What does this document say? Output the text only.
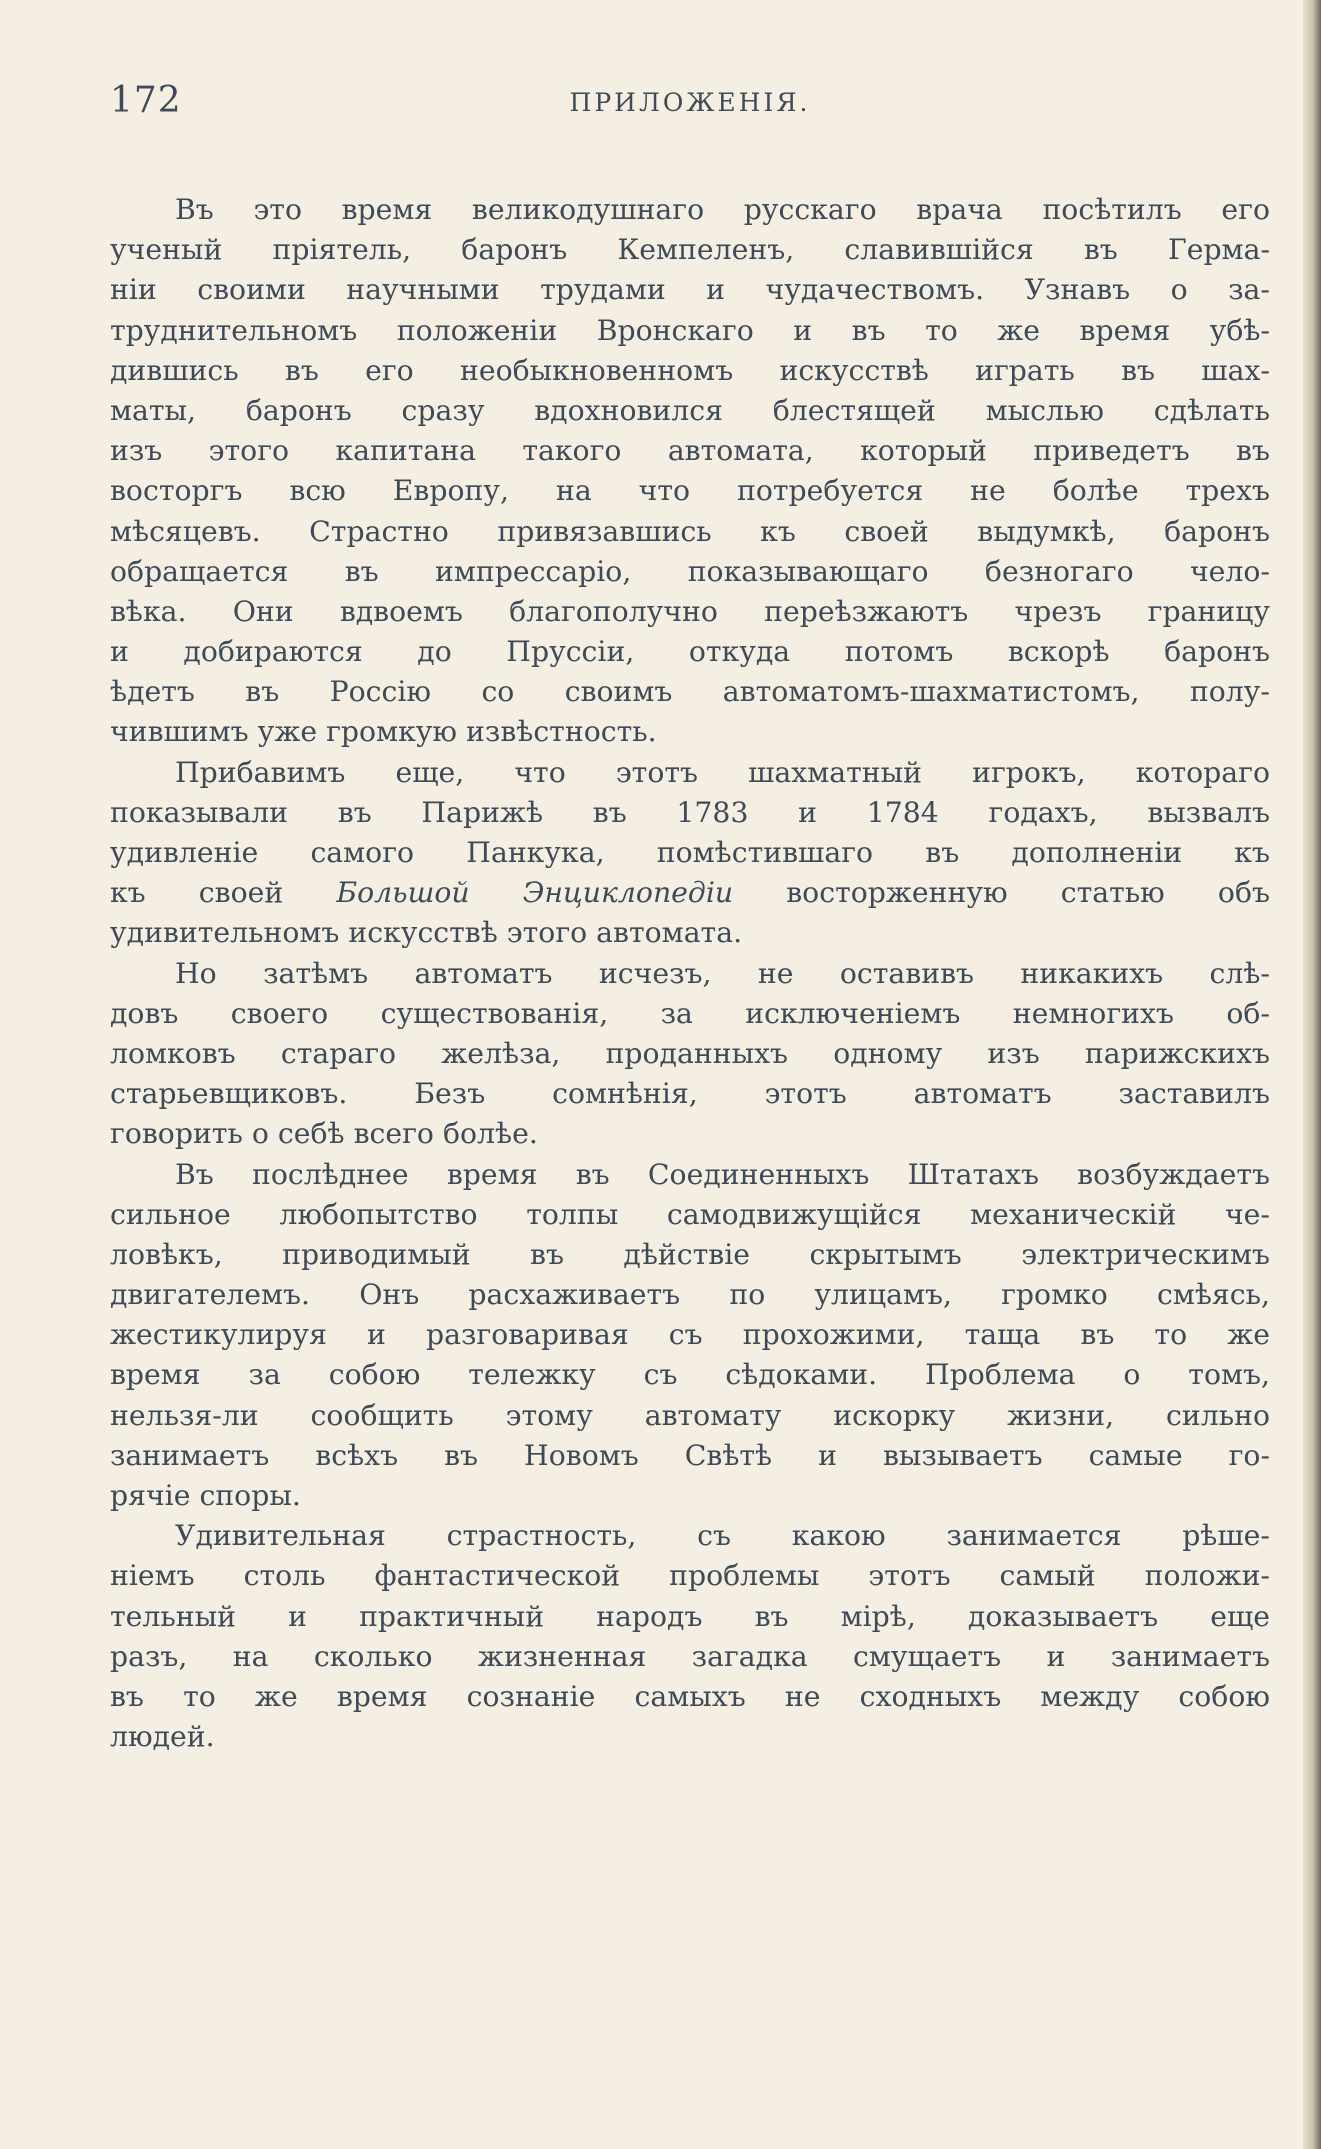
172	ПРИЛОЖЕНІЯ.
Въ это время великодушнаго русскаго врача посѣтилъ его
ученый пріятель, баронъ Кемпеленъ, славившійся въ Герма-
ніи своими научными трудами и чудачествомъ. Узнавъ о за-
труднительномъ положеніи Вронскаго и въ то же время убѣ-
дившись въ его необыкновенномъ искусствѣ играть въ шах-
маты, баронъ сразу вдохновился блестящей мыслью сдѣлать
изъ этого капитана такого автомата, который приведетъ въ
восторгъ всю Европу, на что потребуется не болѣе трехъ
мѣсяцевъ. Страстно привязавшись къ своей выдумкѣ, баронъ
обращается въ импрессаріо, показывающаго безногаго чело-
вѣка. Они вдвоемъ благополучно переѣзжаютъ чрезъ границу
и добираются до Пруссіи, откуда потомъ вскорѣ баронъ
ѣдетъ въ Россію со своимъ автоматомъ-шахматистомъ, полу-
чившимъ уже громкую извѣстность.
Прибавимъ еще, что этотъ шахматный игрокъ, котораго
показывали въ Парижѣ въ 1783 и 1784 годахъ, вызвалъ
удивленіе самого Панкука, помѣстившаго въ дополненіи къ
къ своей Большой Энциклопедіи восторженную статью объ
удивительномъ искусствѣ этого автомата.
Но затѣмъ автоматъ исчезъ, не оставивъ никакихъ слѣ-
довъ своего существованія, за исключеніемъ немногихъ об-
ломковъ стараго желѣза, проданныхъ одному изъ парижскихъ
старьевщиковъ. Безъ сомнѣнія, этотъ автоматъ заставилъ
говорить о себѣ всего болѣе.
Въ послѣднее время въ Соединенныхъ Штатахъ возбуждаетъ
сильное любопытство толпы самодвижущійся механическій че-
ловѣкъ, приводимый въ дѣйствіе скрытымъ электрическимъ
двигателемъ. Онъ расхаживаетъ по улицамъ, громко смѣясь,
жестикулируя и разговаривая съ прохожими, таща въ то же
время за собою тележку съ сѣдоками. Проблема о томъ,
нельзя-ли сообщить этому автомату искорку жизни, сильно
занимаетъ всѣхъ въ Новомъ Свѣтѣ и вызываетъ самые го-
рячіе споры.
Удивительная страстность, съ какою занимается рѣше-
ніемъ столь фантастической проблемы этотъ самый положи-
тельный и практичный народъ въ мірѣ, доказываетъ еще
разъ, на сколько жизненная загадка смущаетъ и занимаетъ
въ то же время сознаніе самыхъ не сходныхъ между собою
людей.
